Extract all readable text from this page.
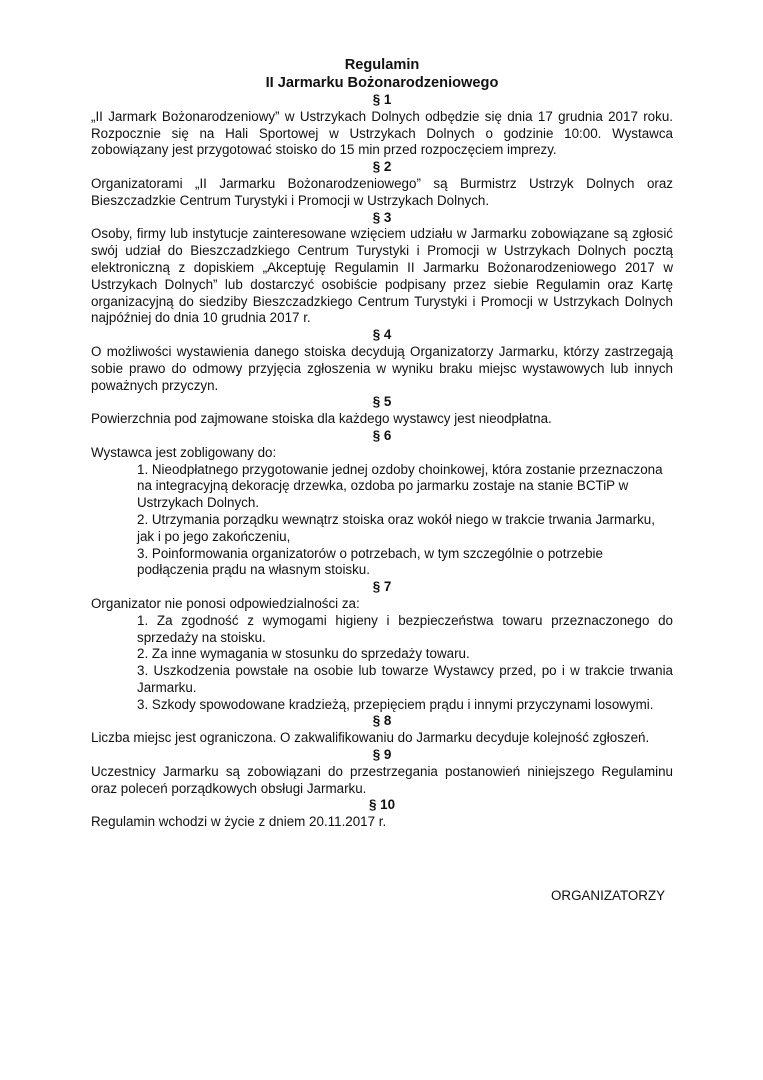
Regulamin
II Jarmarku Bożonarodzeniowego
§ 1

„II Jarmark Bożonarodzeniowy” w Ustrzykach Dolnych odbędzie się dnia 17 grudnia 2017 roku. Rozpocznie się na Hali Sportowej w Ustrzykach Dolnych o godzinie 10:00. Wystawca zobowiązany jest przygotować stoisko do 15 min przed rozpoczęciem imprezy.

§ 2

Organizatorami „II Jarmarku Bożonarodzeniowego” są Burmistrz Ustrzyk Dolnych oraz Bieszczadzkie Centrum Turystyki i Promocji w Ustrzykach Dolnych.

§ 3

Osoby, firmy lub instytucje zainteresowane wzięciem udziału w Jarmarku zobowiązane są zgłosić swój udział do Bieszczadzkiego Centrum Turystyki i Promocji w Ustrzykach Dolnych pocztą elektroniczną z dopiskiem „Akceptuję Regulamin II Jarmarku Bożonarodzeniowego 2017 w Ustrzykach Dolnych” lub dostarczyć osobiście podpisany przez siebie Regulamin oraz Kartę organizacyjną do siedziby Bieszczadzkiego Centrum Turystyki i Promocji w Ustrzykach Dolnych najpóźniej do dnia 10 grudnia 2017 r.

§ 4

O możliwości wystawienia danego stoiska decydują Organizatorzy Jarmarku, którzy zastrzegają sobie prawo do odmowy przyjęcia zgłoszenia w wyniku braku miejsc wystawowych lub innych poważnych przyczyn.

§ 5

Powierzchnia pod zajmowane stoiska dla każdego wystawcy jest nieodpłatna.

§ 6
Wystawca jest zobligowany do:
1. Nieodpłatnego przygotowanie jednej ozdoby choinkowej, która zostanie przeznaczona na integracyjną dekorację drzewka, ozdoba po jarmarku zostaje na stanie BCTiP w Ustrzykach Dolnych.
2. Utrzymania porządku wewnątrz stoiska oraz wokół niego w trakcie trwania Jarmarku, jak i po jego zakończeniu,
3. Poinformowania organizatorów o potrzebach, w tym szczególnie o potrzebie podłączenia prądu na własnym stoisku.
§ 7
Organizator nie ponosi odpowiedzialności za:
1. Za zgodność z wymogami higieny i bezpieczeństwa towaru przeznaczonego do sprzedaży na stoisku.
2. Za inne wymagania w stosunku do sprzedaży towaru.
3. Uszkodzenia powstałe na osobie lub towarze Wystawcy przed, po i w trakcie trwania Jarmarku.
3. Szkody spowodowane kradzieżą, przepięciem prądu i innymi przyczynami losowymi.
§ 8

Liczba miejsc jest ograniczona. O zakwalifikowaniu do Jarmarku decyduje kolejność zgłoszeń.

§ 9

Uczestnicy Jarmarku są zobowiązani do przestrzegania postanowień niniejszego Regulaminu oraz poleceń porządkowych obsługi Jarmarku.

§ 10

Regulamin wchodzi w życie z dniem 20.11.2017 r.

ORGANIZATORZY
